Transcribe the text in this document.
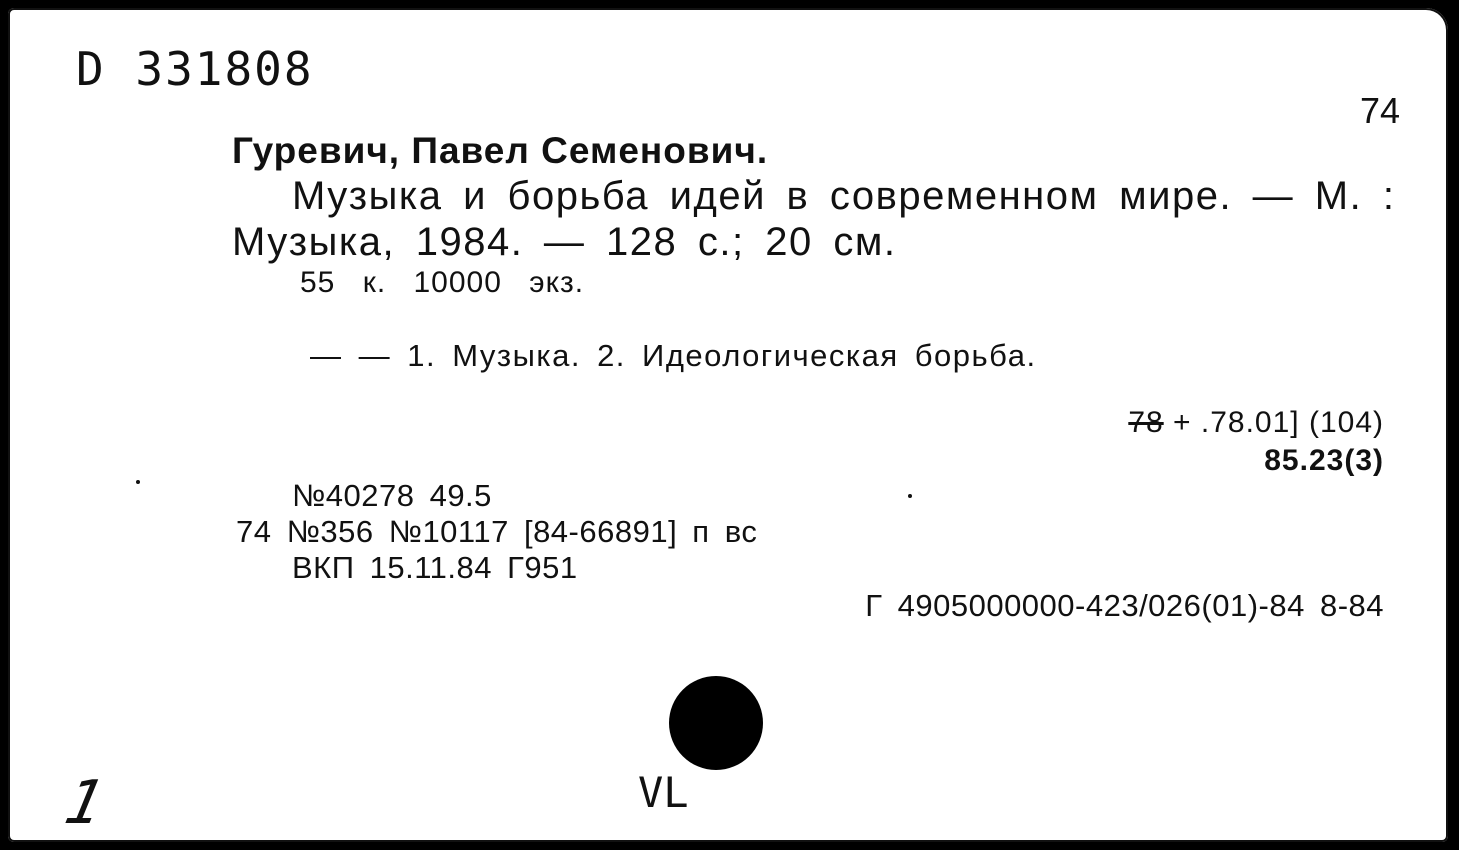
D 331808
74
Гуревич, Павел Семенович.
Музыка и борьба идей в современном мире. — М. :
Музыка, 1984. — 128 с.; 20 см.
55 к. 10000 экз.
— — 1. Музыка. 2. Идеологическая борьба.
78 + .78.01] (104)
85.23(3)
№40278 49.5
74 №356 №10117 [84-66891] п вс
ВКП 15.11.84 Г951
Г 4905000000-423/026(01)-84 8-84
VL
1
